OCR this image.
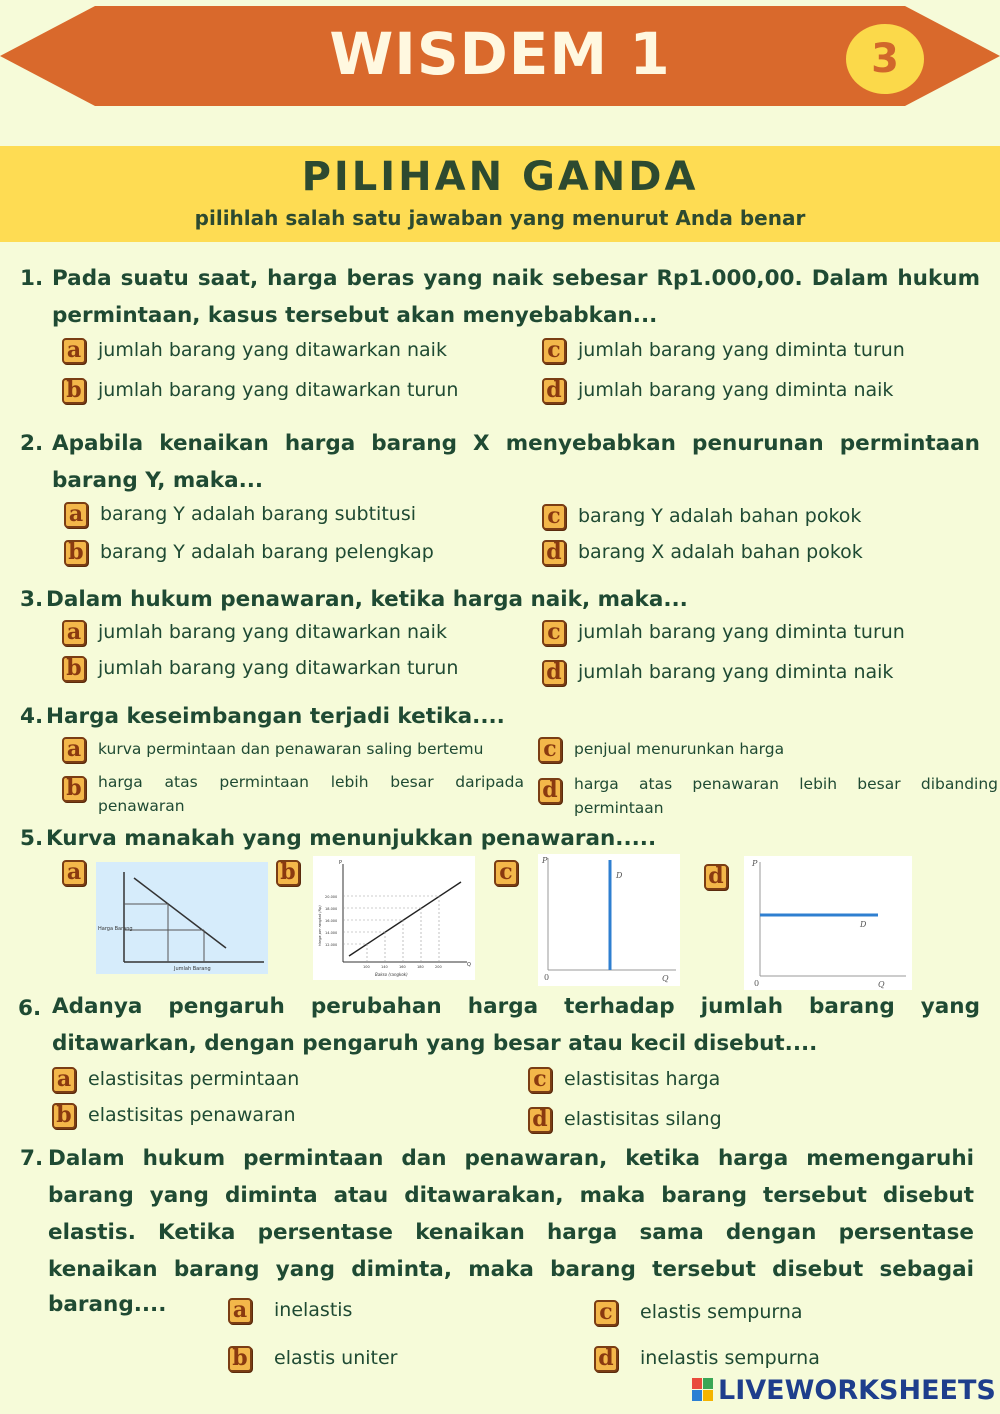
WISDEM 1	3
PILIHAN GANDA
pilihlah salah satu jawaban yang menurut Anda benar
1. Pada suatu saat, harga beras yang naik sebesar Rp1.000,00. Dalam hukum permintaan, kasus tersebut akan menyebabkan...
a jumlah barang yang ditawarkan naik
b jumlah barang yang ditawarkan turun
c jumlah barang yang diminta turun
d jumlah barang yang diminta naik
2. Apabila kenaikan harga barang X menyebabkan penurunan permintaan barang Y, maka...
a barang Y adalah barang subtitusi
b barang Y adalah barang pelengkap
c barang Y adalah bahan pokok
d barang X adalah bahan pokok
3. Dalam hukum penawaran, ketika harga naik, maka...
a jumlah barang yang ditawarkan naik
b jumlah barang yang ditawarkan turun
c jumlah barang yang diminta turun
d jumlah barang yang diminta naik
4. Harga keseimbangan terjadi ketika....
a	kurva permintaan dan penawaran saling bertemu
b harga atas permintaan lebih besar daripada penawaran
c	penjual menurunkan harga
d harga atas penawaran lebih besar dibanding permintaan
5. Kurva manakah yang menunjukkan penawaran.....
a
Harga Barang
Jumlah Barang
b	P
Q
20.000
18.000
16.000
14.000
12.000
100	140	160	180	200
Bakso (rangkok)
Harga per rangkat (Rp)
c	P
Q
0
D	d	P
Q
0
D
6. Adanya pengaruh perubahan harga terhadap jumlah barang yang ditawarkan, dengan pengaruh yang besar atau kecil disebut....
a elastisitas permintaan
b elastisitas penawaran
c elastisitas harga
d elastisitas silang
7. Dalam hukum permintaan dan penawaran, ketika harga memengaruhi barang yang diminta atau ditawarakan, maka barang tersebut disebut elastis. Ketika persentase kenaikan harga sama dengan persentase kenaikan barang yang diminta, maka barang tersebut disebut sebagai
barang....	a inelastis
b elastis uniter
c elastis sempurna
d inelastis sempurna
LIVEWORKSHEETS
